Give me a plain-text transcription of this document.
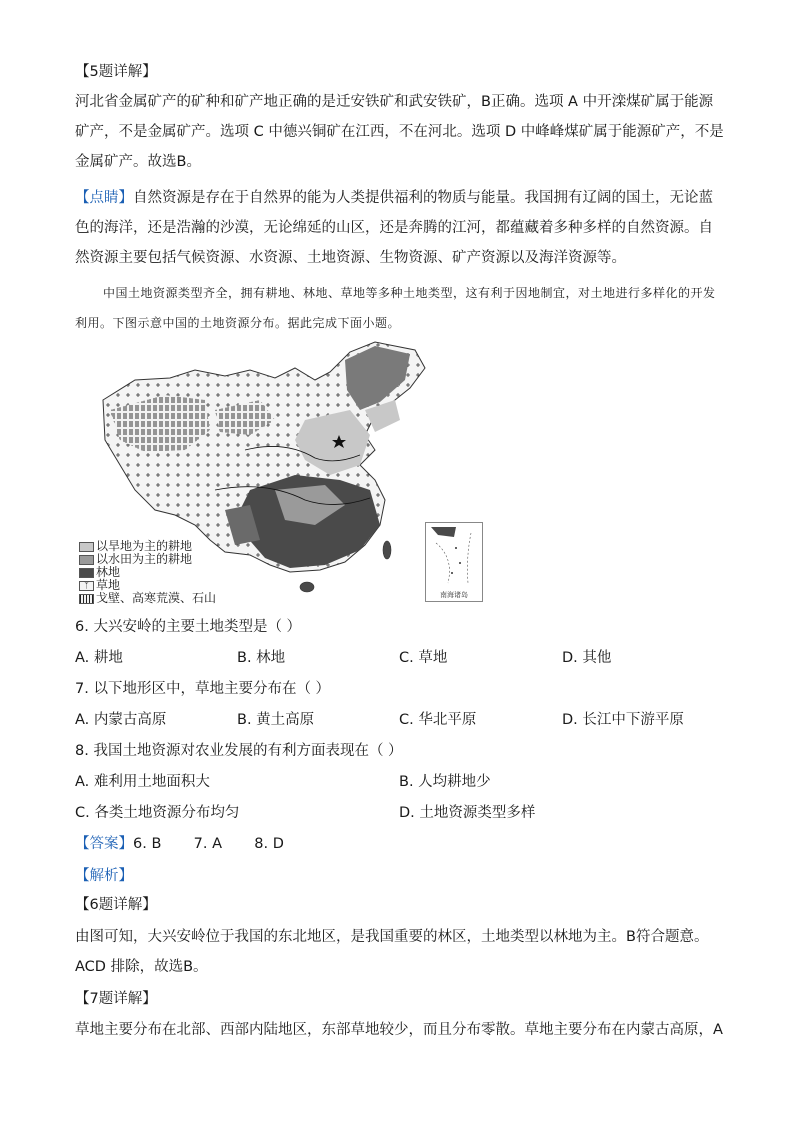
【5题详解】
河北省金属矿产的矿种和矿产地正确的是迁安铁矿和武安铁矿，B正确。选项 A 中开滦煤矿属于能源矿产，不是金属矿产。选项 C 中德兴铜矿在江西，不在河北。选项 D 中峰峰煤矿属于能源矿产，不是金属矿产。故选B。
【点睛】自然资源是存在于自然界的能为人类提供福利的物质与能量。我国拥有辽阔的国土，无论蓝色的海洋，还是浩瀚的沙漠，无论绵延的山区，还是奔腾的江河，都蕴藏着多种多样的自然资源。自然资源主要包括气候资源、水资源、土地资源、生物资源、矿产资源以及海洋资源等。
中国土地资源类型齐全，拥有耕地、林地、草地等多种土地类型，这有利于因地制宜，对土地进行多样化的开发利用。下图示意中国的土地资源分布。据此完成下面小题。
南海诸岛
以旱地为主的耕地
以水田为主的耕地
林地
ᛉ 草地
戈壁、高寒荒漠、石山
6. 大兴安岭的主要土地类型是（ ）
A. 耕地	B. 林地	C. 草地	D. 其他
7. 以下地形区中，草地主要分布在（ ）
A. 内蒙古高原	B. 黄土高原	C. 华北平原	D. 长江中下游平原
8. 我国土地资源对农业发展的有利方面表现在（ ）
A. 难利用土地面积大	B. 人均耕地少
C. 各类土地资源分布均匀	D. 土地资源类型多样
【答案】6. B       7. A       8. D
【解析】
【6题详解】
由图可知，大兴安岭位于我国的东北地区，是我国重要的林区，土地类型以林地为主。B符合题意。ACD 排除，故选B。
【7题详解】
草地主要分布在北部、西部内陆地区，东部草地较少，而且分布零散。草地主要分布在内蒙古高原，A
